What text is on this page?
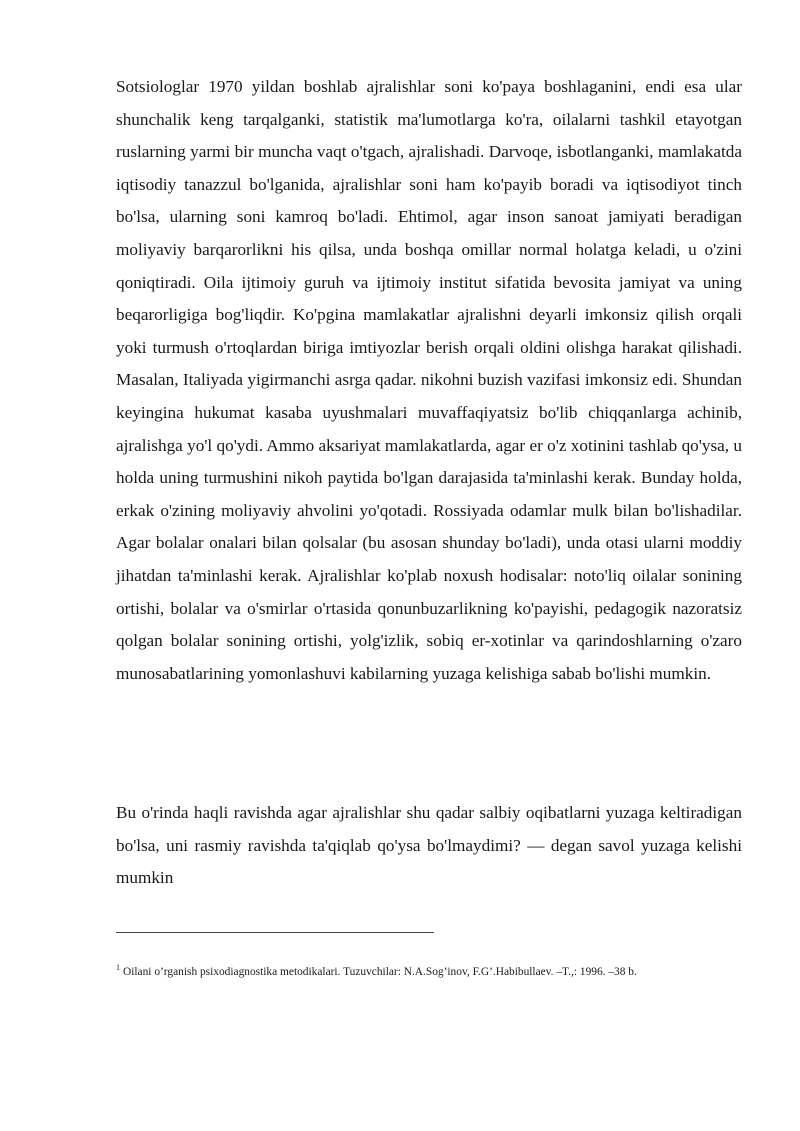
Sotsiologlar 1970 yildan boshlab ajralishlar soni ko'paya boshlaganini, endi esa ular shunchalik keng tarqalganki, statistik ma'lumotlarga ko'ra, oilalarni tashkil etayotgan ruslarning yarmi bir muncha vaqt o'tgach, ajralishadi. Darvoqe, isbotlanganki, mamlakatda iqtisodiy tanazzul bo'lganida, ajralishlar soni ham ko'payib boradi va iqtisodiyot tinch bo'lsa, ularning soni kamroq bo'ladi. Ehtimol, agar inson sanoat jamiyati beradigan moliyaviy barqarorlikni his qilsa, unda boshqa omillar normal holatga keladi, u o'zini qoniqtiradi. Oila ijtimoiy guruh va ijtimoiy institut sifatida bevosita jamiyat va uning beqarorligiga bog'liqdir. Ko'pgina mamlakatlar ajralishni deyarli imkonsiz qilish orqali yoki turmush o'rtoqlardan biriga imtiyozlar berish orqali oldini olishga harakat qilishadi. Masalan, Italiyada yigirmanchi asrga qadar. nikohni buzish vazifasi imkonsiz edi. Shundan keyingina hukumat kasaba uyushmalari muvaffaqiyatsiz bo'lib chiqqanlarga achinib, ajralishga yo'l qo'ydi. Ammo aksariyat mamlakatlarda, agar er o'z xotinini tashlab qo'ysa, u holda uning turmushini nikoh paytida bo'lgan darajasida ta'minlashi kerak. Bunday holda, erkak o'zining moliyaviy ahvolini yo'qotadi. Rossiyada odamlar mulk bilan bo'lishadilar. Agar bolalar onalari bilan qolsalar (bu asosan shunday bo'ladi), unda otasi ularni moddiy jihatdan ta'minlashi kerak. Ajralishlar ko'plab noxush hodisalar: noto'liq oilalar sonining ortishi, bolalar va o'smirlar o'rtasida qonunbuzarlikning ko'payishi, pedagogik nazoratsiz qolgan bolalar sonining ortishi, yolg'izlik, sobiq er-xotinlar va qarindoshlarning o'zaro munosabatlarining yomonlashuvi kabilarning yuzaga kelishiga sabab bo'lishi mumkin.

Bu o'rinda haqli ravishda agar ajralishlar shu qadar salbiy oqibatlarni yuzaga keltiradigan bo'lsa, uni rasmiy ravishda ta'qiqlab qo'ysa bo'lmaydimi? — degan savol yuzaga kelishi mumkin

$^1$ Oilani o’rganish psixodiagnostika metodikalari. Tuzuvchilar: N.A.Sog’inov, F.G’.Habibullaev. –T.,: 1996. –38 b.
